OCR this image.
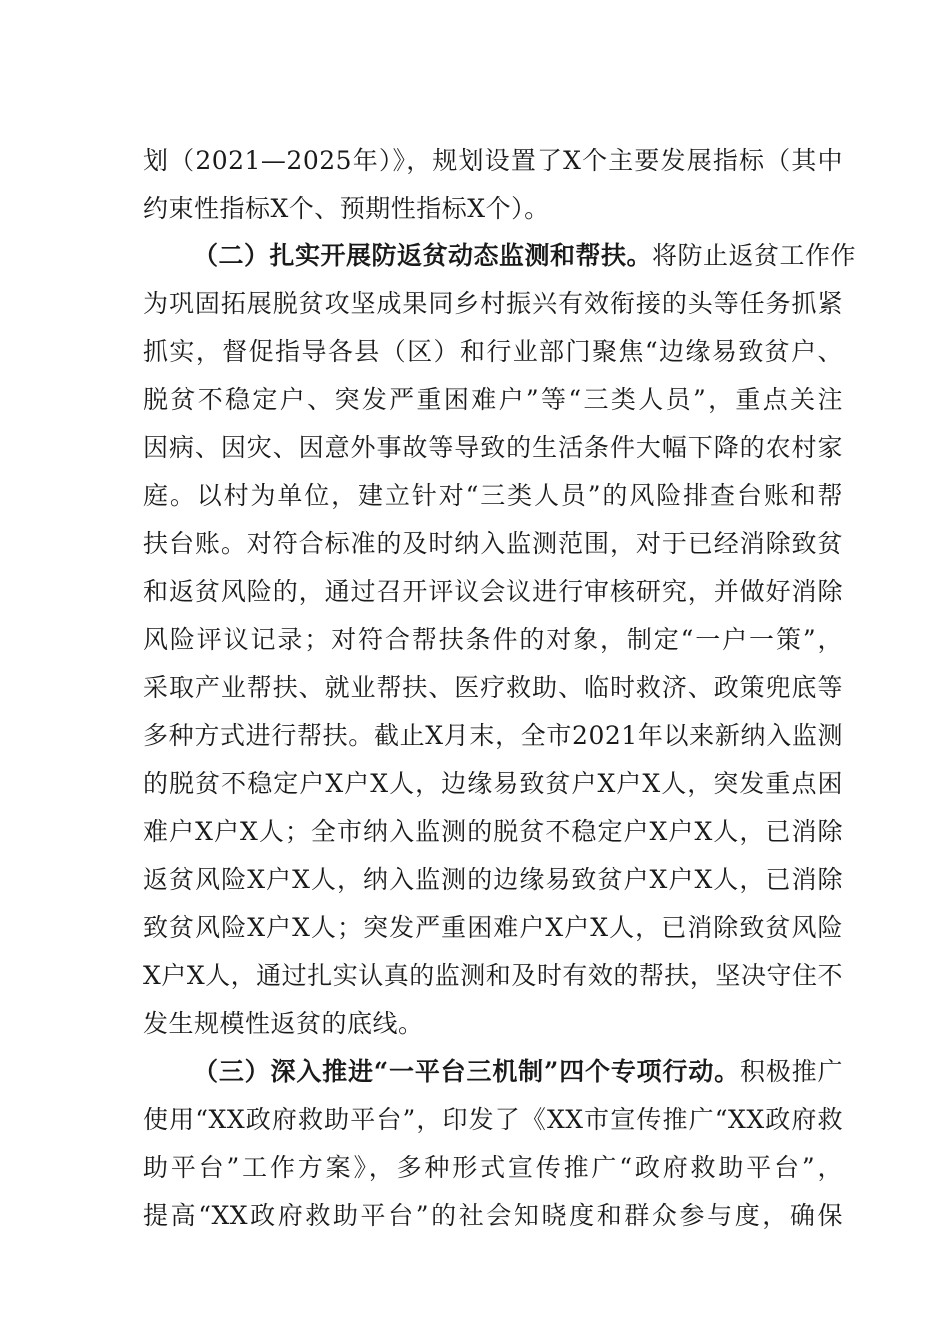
划（2021—2025年）》，规划设置了X个主要发展指标（其中
约束性指标X个、预期性指标X个）。
（二）扎实开展防返贫动态监测和帮扶。将防止返贫工作作
为巩固拓展脱贫攻坚成果同乡村振兴有效衔接的头等任务抓紧
抓实，督促指导各县（区）和行业部门聚焦“边缘易致贫户、
脱贫不稳定户、突发严重困难户”等“三类人员”，重点关注
因病、因灾、因意外事故等导致的生活条件大幅下降的农村家
庭。以村为单位，建立针对“三类人员”的风险排查台账和帮
扶台账。对符合标准的及时纳入监测范围，对于已经消除致贫
和返贫风险的，通过召开评议会议进行审核研究，并做好消除
风险评议记录；对符合帮扶条件的对象，制定“一户一策”，
采取产业帮扶、就业帮扶、医疗救助、临时救济、政策兜底等
多种方式进行帮扶。截止X月末，全市2021年以来新纳入监测
的脱贫不稳定户X户X人，边缘易致贫户X户X人，突发重点困
难户X户X人；全市纳入监测的脱贫不稳定户X户X人，已消除
返贫风险X户X人，纳入监测的边缘易致贫户X户X人，已消除
致贫风险X户X人；突发严重困难户X户X人，已消除致贫风险
X户X人，通过扎实认真的监测和及时有效的帮扶，坚决守住不
发生规模性返贫的底线。
（三）深入推进“一平台三机制”四个专项行动。积极推广
使用“XX政府救助平台”，印发了《XX市宣传推广“XX政府救
助平台”工作方案》，多种形式宣传推广“政府救助平台”，
提高“XX政府救助平台”的社会知晓度和群众参与度，确保
